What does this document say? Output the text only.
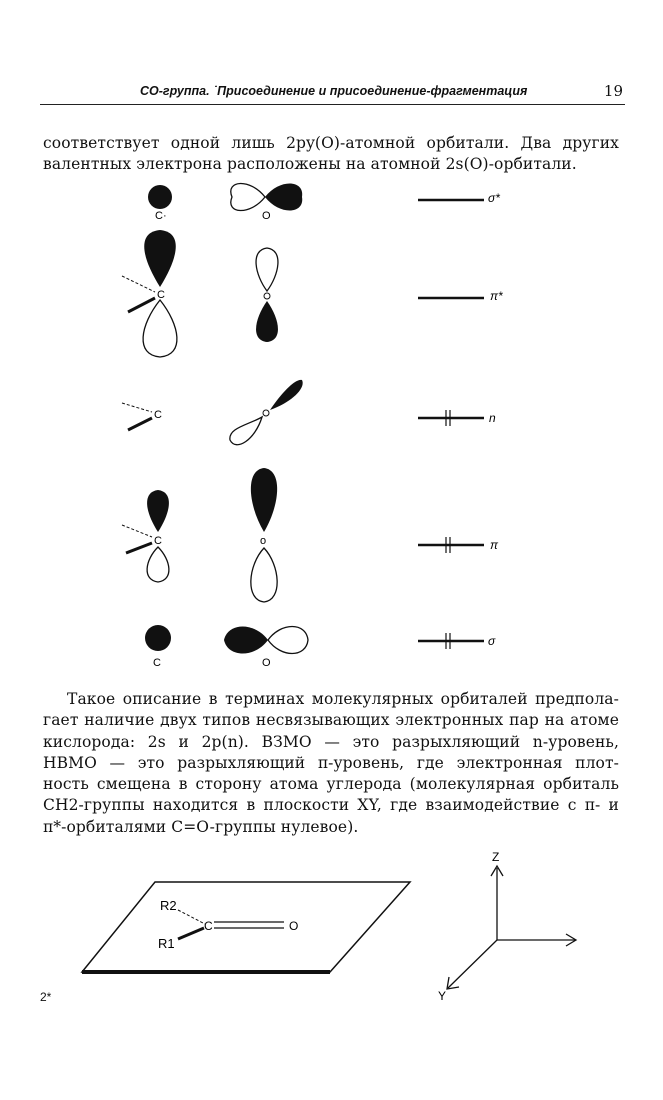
CO-группа. ˙Присоединение и присоединение-фрагментация	19
соответствует одной лишь 2py(O)-атомной орбитали. Два других
валентных электрона расположены на атомной 2s(O)-орбитали.
C·	O
σ*
C	π*
C	n
C	o	π
C	O
σ
Такое описание в терминах молекулярных орбиталей предпола-
гает наличие двух типов несвязывающих электронных пар на атоме
кислорода: 2s и 2p(n). ВЗМО — это разрыхляющий n-уровень,
НВМО — это разрыхляющий π-уровень, где электронная плот-
ность смещена в сторону атома углерода (молекулярная орбиталь
CH2-группы находится в плоскости XY, где взаимодействие с π- и
π*-орбиталями C=O-группы нулевое).
R2
R1
C	O
Z
Y
2*
